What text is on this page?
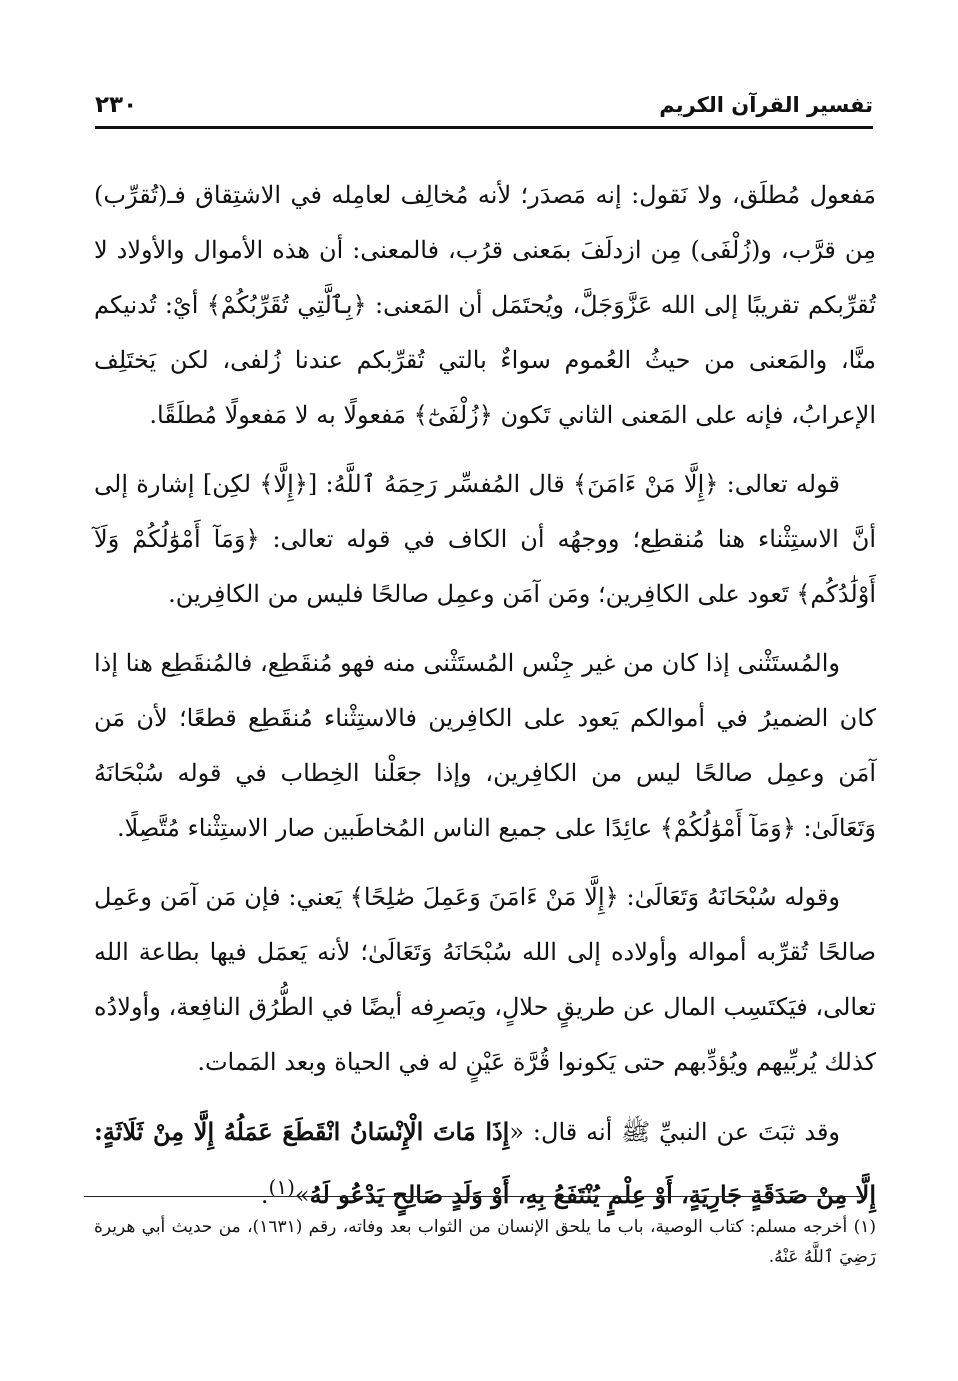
تفسير القرآن الكريم
٢٣٠

مَفعول مُطلَق، ولا نَقول: إنه مَصدَر؛ لأنه مُخالِف لعامِله في الاشتِقاق فـ(تُقرِّب) مِن قرَّب، و(زُلْفَى) مِن ازدلَفَ بمَعنى قرُب، فالمعنى: أن هذه الأموال والأولاد لا تُقرِّبكم تقريبًا إلى الله عَزَّوَجَلَّ، ويُحتَمَل أن المَعنى: ﴿بِٱلَّتِي تُقَرِّبُكُمْ﴾ أيْ: تُدنيكم منَّا، والمَعنى من حيثُ العُموم سواءٌ بالتي تُقرِّبكم عندنا زُلفى، لكن يَختَلِف الإعرابُ، فإنه على المَعنى الثاني تَكون ﴿زُلْفَىٰٓ﴾ مَفعولًا به لا مَفعولًا مُطلَقًا.

قوله تعالى: ﴿إِلَّا مَنْ ءَامَنَ﴾ قال المُفسِّر رَحِمَهُ ٱللَّهُ: [﴿إِلَّا﴾ لكِن] إشارة إلى أنَّ الاستِثْناء هنا مُنقطِع؛ ووجهُه أن الكاف في قوله تعالى: ﴿وَمَآ أَمْوَٰلُكُمْ وَلَآ أَوْلَٰدُكُم﴾ تَعود على الكافِرين؛ ومَن آمَن وعمِل صالحًا فليس من الكافِرين.

والمُستَثْنى إذا كان من غير جِنْس المُستَثْنى منه فهو مُنقَطِع، فالمُنقَطِع هنا إذا كان الضميرُ في أموالكم يَعود على الكافِرين فالاستِثْناء مُنقَطِع قطعًا؛ لأن مَن آمَن وعمِل صالحًا ليس من الكافِرين، وإذا جعَلْنا الخِطاب في قوله سُبْحَانَهُ وَتَعَالَىٰ: ﴿وَمَآ أَمْوَٰلُكُمْ﴾ عائِدًا على جميع الناس المُخاطَبين صار الاستِثْناء مُتَّصِلًا.

وقوله سُبْحَانَهُ وَتَعَالَىٰ: ﴿إِلَّا مَنْ ءَامَنَ وَعَمِلَ صَٰلِحًا﴾ يَعني: فإن مَن آمَن وعَمِل صالحًا تُقرِّبه أمواله وأولاده إلى الله سُبْحَانَهُ وَتَعَالَىٰ؛ لأنه يَعمَل فيها بطاعة الله تعالى، فيَكتَسِب المال عن طريقٍ حلالٍ، ويَصرِفه أيضًا في الطُّرُق النافِعة، وأولادُه كذلك يُربِّيهم ويُؤدِّبهم حتى يَكونوا قُرَّة عَيْنٍ له في الحياة وبعد المَمات.

وقد ثبَتَ عن النبيِّ ﷺ أنه قال: «إِذَا مَاتَ الْإِنْسَانُ انْقَطَعَ عَمَلُهُ إِلَّا مِنْ ثَلَاثَةٍ: إِلَّا مِنْ صَدَقَةٍ جَارِيَةٍ، أَوْ عِلْمٍ يُنْتَفَعُ بِهِ، أَوْ وَلَدٍ صَالِحٍ يَدْعُو لَهُ»$^{(١)}$.

(١) أخرجه مسلم: كتاب الوصية، باب ما يلحق الإنسان من الثواب بعد وفاته، رقم (١٦٣١)، من حديث أبي هريرة رَضِيَ ٱللَّهُ عَنْهُ.
